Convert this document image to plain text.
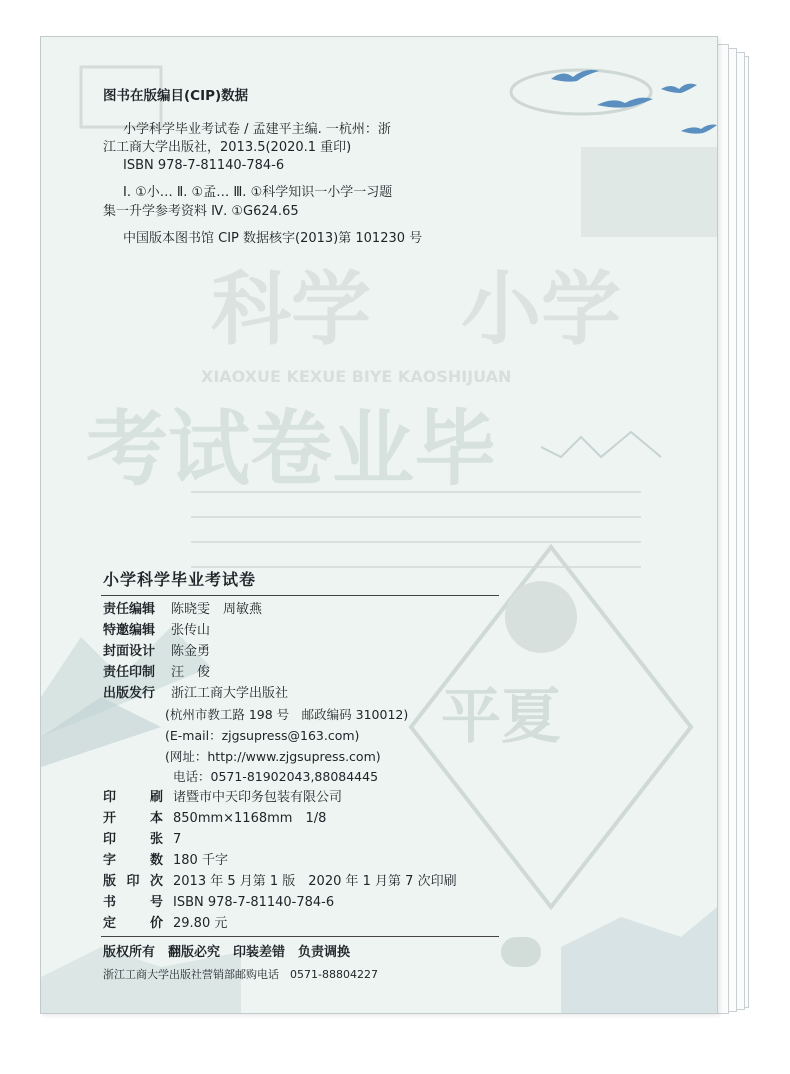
科学 小学
考试卷业毕
XIAOXUE KEXUE BIYE KAOSHIJUAN
平夏
图书在版编目(CIP)数据
小学科学毕业考试卷 / 孟建平主编. 一杭州：浙
江工商大学出版社，2013.5(2020.1 重印)
ISBN 978-7-81140-784-6
Ⅰ. ①小… Ⅱ. ①孟… Ⅲ. ①科学知识一小学一习题
集一升学参考资料 Ⅳ. ①G624.65
中国版本图书馆 CIP 数据核字(2013)第 101230 号
小学科学毕业考试卷
责任编辑 陈晓雯　周敏燕
特邀编辑 张传山
封面设计 陈金勇
责任印制 汪　俊
出版发行 浙江工商大学出版社
(杭州市教工路 198 号　邮政编码 310012)
(E-mail：zjgsupress@163.com)
(网址：http://www.zjgsupress.com)
电话：0571-81902043,88084445
印	刷 诸暨市中天印务包装有限公司
开	本 850mm×1168mm　1/8
印	张 7
字	数 180 千字
版 印 次 2013 年 5 月第 1 版　2020 年 1 月第 7 次印刷
书	号 ISBN 978-7-81140-784-6
定	价 29.80 元
版权所有　翻版必究　印装差错　负责调换
浙江工商大学出版社营销部邮购电话　0571-88804227
